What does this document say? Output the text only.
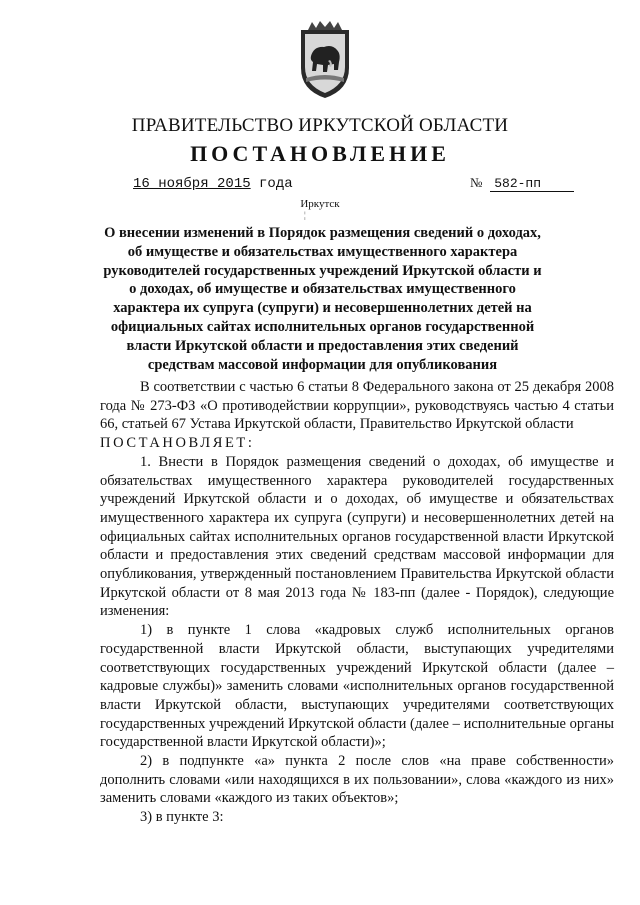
ПРАВИТЕЛЬСТВО ИРКУТСКОЙ ОБЛАСТИ
ПОСТАНОВЛЕНИЕ
16 ноября 2015 года	№ 582-пп
Иркутск
¦
О внесении изменений в Порядок размещения сведений о доходах, об имуществе и обязательствах имущественного характера руководителей государственных учреждений Иркутской области и о доходах, об имуществе и обязательствах имущественного характера их супруга (супруги) и несовершеннолетних детей на официальных сайтах исполнительных органов государственной власти Иркутской области и предоставления этих сведений средствам массовой информации для опубликования

В соответствии с частью 6 статьи 8 Федерального закона от 25 декабря 2008 года № 273-ФЗ «О противодействии коррупции», руководствуясь частью 4 статьи 66, статьей 67 Устава Иркутской области, Правительство Иркутской области

ПОСТАНОВЛЯЕТ:

1. Внести в Порядок размещения сведений о доходах, об имуществе и обязательствах имущественного характера руководителей государственных учреждений Иркутской области и о доходах, об имуществе и обязательствах имущественного характера их супруга (супруги) и несовершеннолетних детей на официальных сайтах исполнительных органов государственной власти Иркутской области и предоставления этих сведений средствам массовой информации для опубликования, утвержденный постановлением Правительства Иркутской области Иркутской области от 8 мая 2013 года № 183-пп (далее - Порядок), следующие изменения:

1) в пункте 1 слова «кадровых служб исполнительных органов государственной власти Иркутской области, выступающих учредителями соответствующих государственных учреждений Иркутской области (далее – кадровые службы)» заменить словами «исполнительных органов государственной власти Иркутской области, выступающих учредителями соответствующих государственных учреждений Иркутской области (далее – исполнительные органы государственной власти Иркутской области)»;

2) в подпункте «а» пункта 2 после слов «на праве собственности» дополнить словами «или находящихся в их пользовании», слова «каждого из них» заменить словами «каждого из таких объектов»;

3) в пункте 3:
